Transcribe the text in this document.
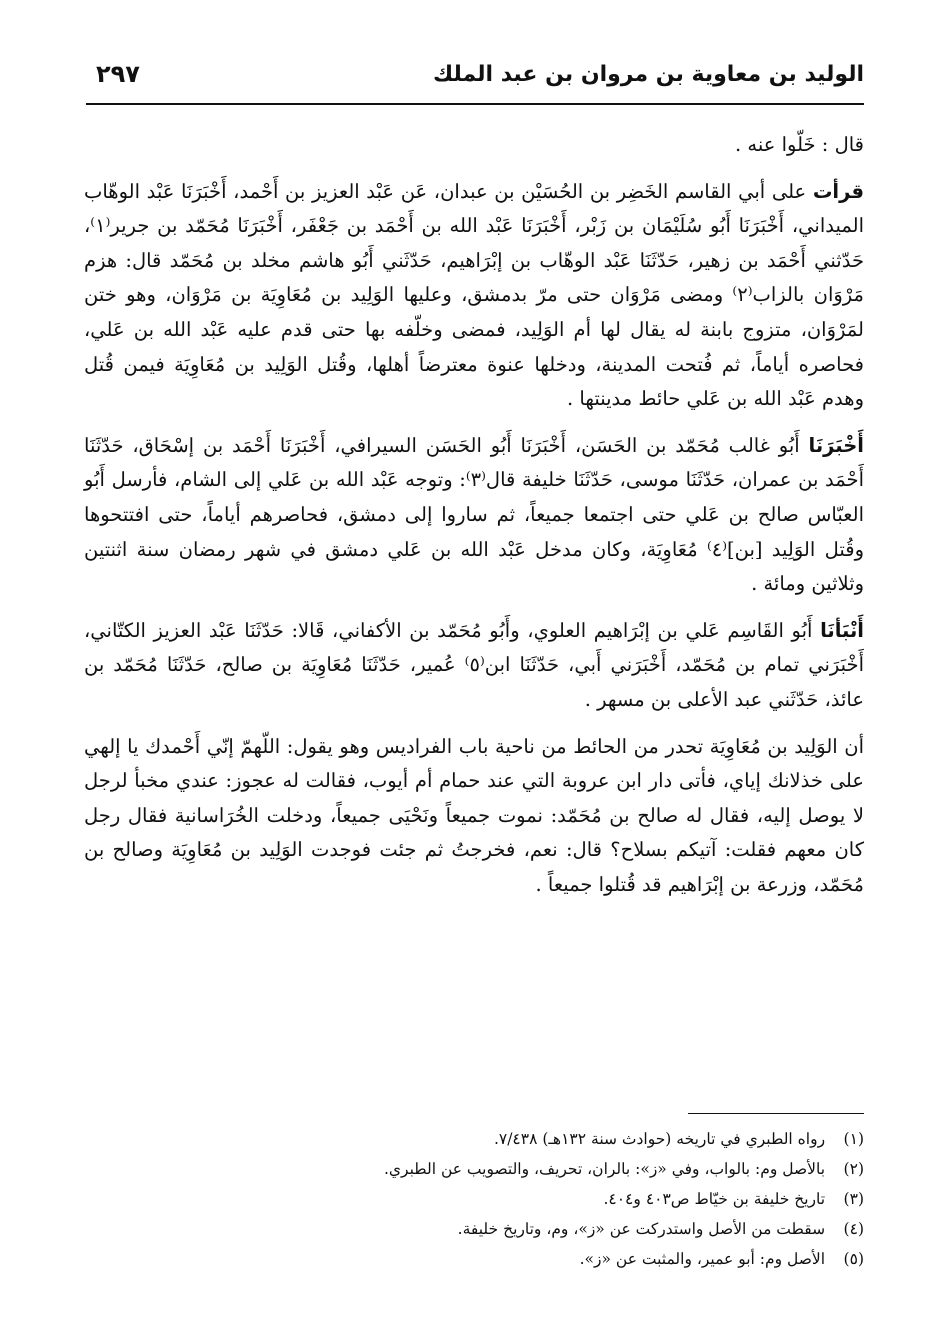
الوليد بن معاوية بن مروان بن عبد الملك
٢٩٧

قال : خَلّوا عنه .

قرأت على أبي القاسم الخَضِر بن الحُسَيْن بن عبدان، عَن عَبْد العزيز بن أَحْمد، أَخْبَرَنَا عَبْد الوهّاب الميداني، أَخْبَرَنَا أَبُو سُلَيْمَان بن زَبْر، أَخْبَرَنَا عَبْد الله بن أَحْمَد بن جَعْفَر، أَخْبَرَنَا مُحَمّد بن جرير⁽١⁾، حَدّثني أَحْمَد بن زهير، حَدّثَنَا عَبْد الوهّاب بن إبْرَاهيم، حَدّثَني أَبُو هاشم مخلد بن مُحَمّد قال: هزم مَرْوَان بالزاب⁽٢⁾ ومضى مَرْوَان حتى مرّ بدمشق، وعليها الوَلِيد بن مُعَاوِيَة بن مَرْوَان، وهو ختن لمَرْوَان، متزوج بابنة له يقال لها أم الوَلِيد، فمضى وخلّفه بها حتى قدم عليه عَبْد الله بن عَلي، فحاصره أياماً، ثم فُتحت المدينة، ودخلها عنوة معترضاً أهلها، وقُتل الوَلِيد بن مُعَاوِيَة فيمن قُتل وهدم عَبْد الله بن عَلي حائط مدينتها .

أَخْبَرَنَا أَبُو غالب مُحَمّد بن الحَسَن، أَخْبَرَنَا أَبُو الحَسَن السيرافي، أَخْبَرَنَا أَحْمَد بن إسْحَاق، حَدّثَنَا أَحْمَد بن عمران، حَدّثَنَا موسى، حَدّثَنَا خليفة قال⁽٣⁾: وتوجه عَبْد الله بن عَلي إلى الشام، فأرسل أَبُو العبّاس صالح بن عَلي حتى اجتمعا جميعاً، ثم ساروا إلى دمشق، فحاصرهم أياماً، حتى افتتحوها وقُتل الوَلِيد [بن]⁽٤⁾ مُعَاوِيَة، وكان مدخل عَبْد الله بن عَلي دمشق في شهر رمضان سنة اثنتين وثلاثين ومائة .

أَنْبَأنَا أَبُو القَاسِم عَلي بن إبْرَاهيم العلوي، وأَبُو مُحَمّد بن الأكفاني، قَالا: حَدّثَنَا عَبْد العزيز الكتّاني، أَخْبَرَني تمام بن مُحَمّد، أَخْبَرَني أَبي، حَدّثَنَا ابن⁽٥⁾ عُمير، حَدّثَنَا مُعَاوِيَة بن صالح، حَدّثَنَا مُحَمّد بن عائذ، حَدّثَني عبد الأعلى بن مسهر .

أن الوَلِيد بن مُعَاوِيَة تحدر من الحائط من ناحية باب الفراديس وهو يقول: اللّهمّ إنّي أَحْمدك يا إلهي على خذلانك إياي، فأتى دار ابن عروبة التي عند حمام أم أيوب، فقالت له عجوز: عندي مخبأ لرجل لا يوصل إليه، فقال له صالح بن مُحَمّد: نموت جميعاً ونَحْيَى جميعاً، ودخلت الخُرَاسانية فقال رجل كان معهم فقلت: آتيكم بسلاح؟ قال: نعم، فخرجتُ ثم جئت فوجدت الوَلِيد بن مُعَاوِيَة وصالح بن مُحَمّد، وزرعة بن إبْرَاهيم قد قُتلوا جميعاً .

(١) رواه الطبري في تاريخه (حوادث سنة ١٣٢هـ) ٧/٤٣٨.
(٢) بالأصل وم: بالواب، وفي «ز»: بالران، تحريف، والتصويب عن الطبري.
(٣) تاريخ خليفة بن خيّاط ص٤٠٣ و٤٠٤.
(٤) سقطت من الأصل واستدركت عن «ز»، وم، وتاريخ خليفة.
(٥) الأصل وم: أبو عمير، والمثبت عن «ز».
